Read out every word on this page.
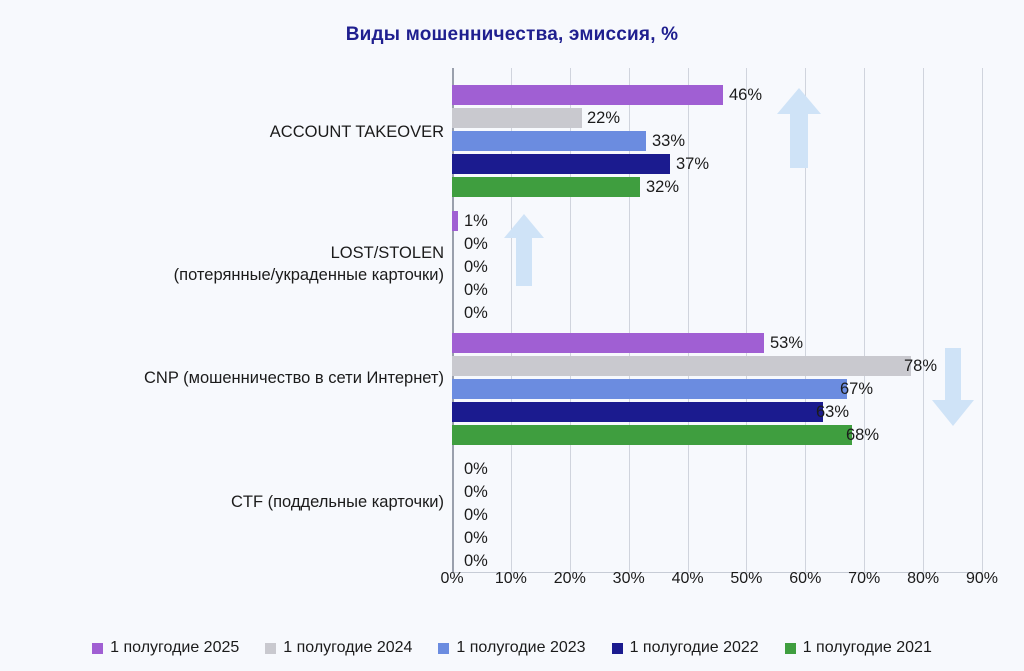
Виды мошенничества, эмиссия, %
ACCOUNT TAKEOVER
LOST/STOLEN
(потерянные/украденные карточки)
CNP (мошенничество в сети Интернет)
CTF (поддельные карточки)
46%
22%
33%
37%
32%
1%
0%
0%
0%
0%
53%
78%
67%
63%
68%
0%
0%
0%
0%
0%
0% 10% 20% 30% 40% 50% 60% 70% 80% 90%
1 полугодие 2025	1 полугодие 2024	1 полугодие 2023	1 полугодие 2022	1 полугодие 2021
